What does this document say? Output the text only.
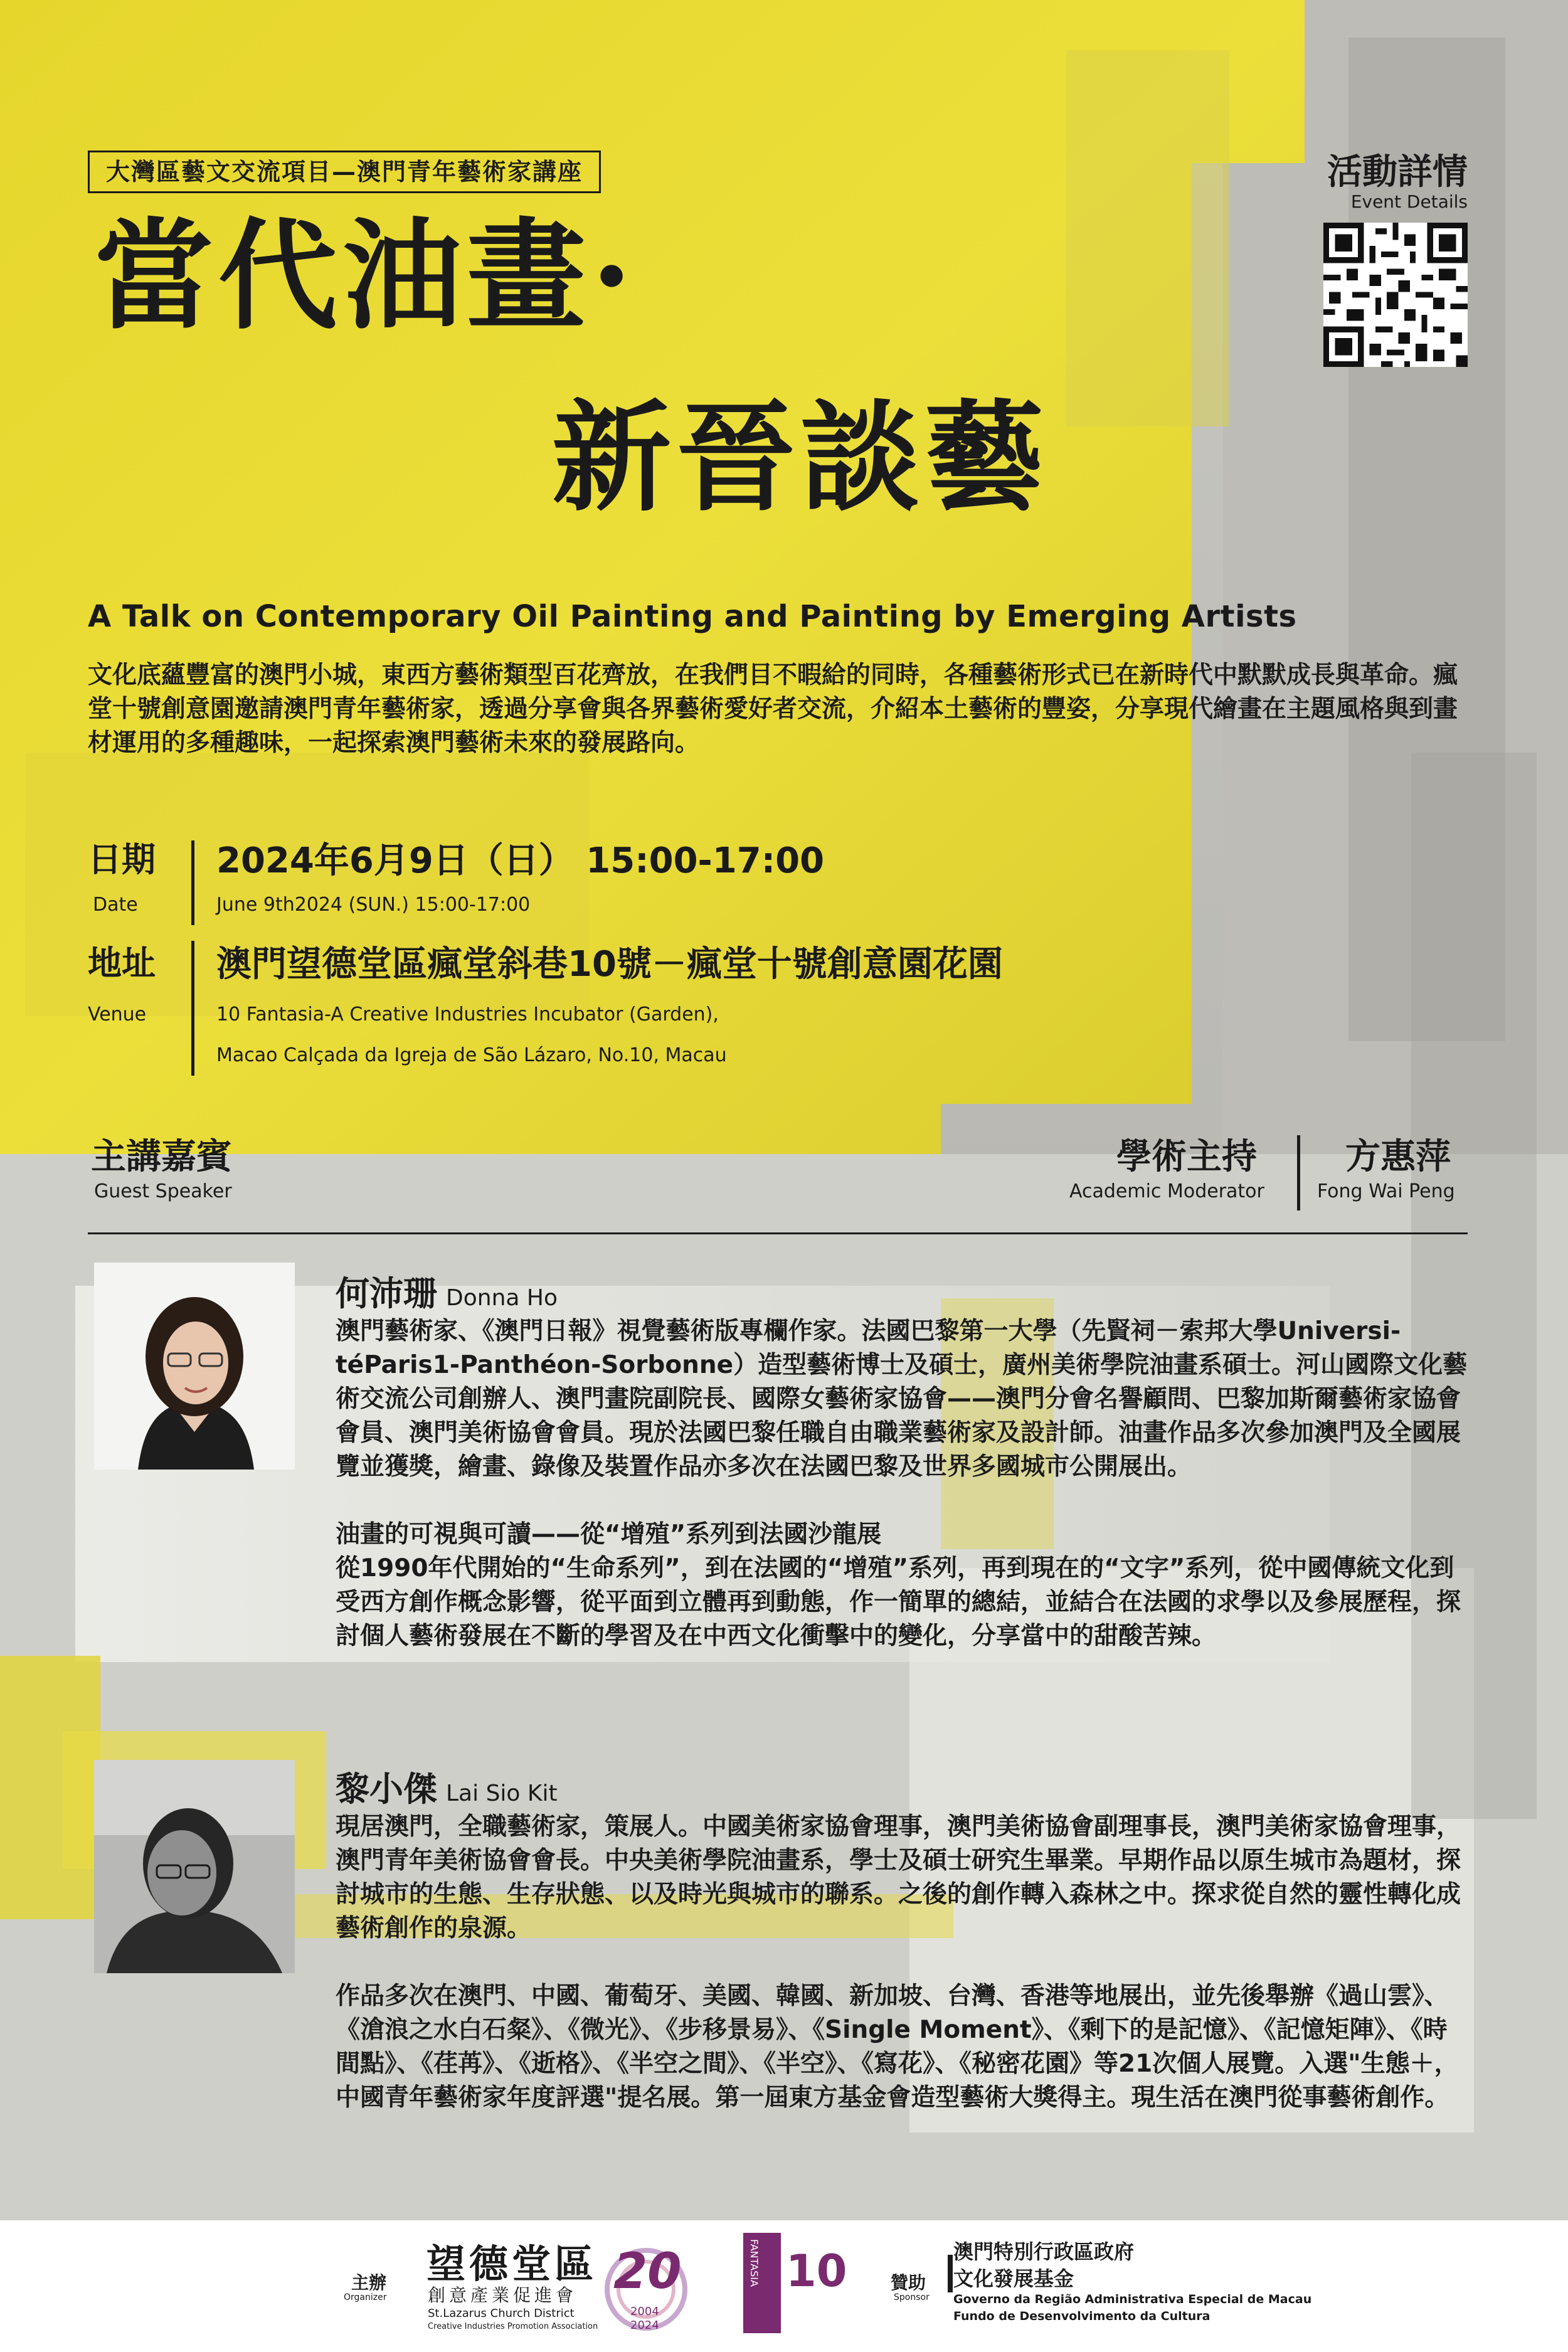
大灣區藝文交流項目—澳門青年藝術家講座
當代油畫·
新晉談藝
A Talk on Contemporary Oil Painting and Painting by Emerging Artists
文化底蘊豐富的澳門小城，東西方藝術類型百花齊放，在我們目不暇給的同時，各種藝術形式已在新時代中默默成長與革命。瘋堂十號創意園邀請澳門青年藝術家，透過分享會與各界藝術愛好者交流，介紹本土藝術的豐姿，分享現代繪畫在主題風格與到畫材運用的多種趣味，一起探索澳門藝術未來的發展路向。
活動詳情
Event Details
日期
Date
2024年6月9日（日） 15:00-17:00
June 9th2024 (SUN.) 15:00-17:00
地址
Venue
澳門望德堂區瘋堂斜巷10號－瘋堂十號創意園花園
10 Fantasia-A Creative Industries Incubator (Garden),
Macao Calçada da Igreja de São Lázaro, No.10, Macau
主講嘉賓
Guest Speaker
學術主持
Academic Moderator
方惠萍
Fong Wai Peng
何沛珊 Donna Ho

澳門藝術家、《澳門日報》視覺藝術版專欄作家。法國巴黎第一大學（先賢祠－索邦大學Universi-téParis1-Panthéon-Sorbonne）造型藝術博士及碩士，廣州美術學院油畫系碩士。河山國際文化藝術交流公司創辦人、澳門畫院副院長、國際女藝術家協會——澳門分會名譽顧問、巴黎加斯爾藝術家協會會員、澳門美術協會會員。現於法國巴黎任職自由職業藝術家及設計師。油畫作品多次參加澳門及全國展覽並獲獎，繪畫、錄像及裝置作品亦多次在法國巴黎及世界多國城市公開展出。

油畫的可視與可讀——從“增殖”系列到法國沙龍展

從1990年代開始的“生命系列”，到在法國的“增殖”系列，再到現在的“文字”系列，從中國傳統文化到受西方創作概念影響，從平面到立體再到動態，作一簡單的總結，並結合在法國的求學以及參展歷程，探討個人藝術發展在不斷的學習及在中西文化衝擊中的變化，分享當中的甜酸苦辣。

黎小傑 Lai Sio Kit

現居澳門，全職藝術家，策展人。中國美術家協會理事，澳門美術協會副理事長，澳門美術家協會理事，澳門青年美術協會會長。中央美術學院油畫系，學士及碩士研究生畢業。早期作品以原生城市為題材，探討城市的生態、生存狀態、以及時光與城市的聯系。之後的創作轉入森林之中。探求從自然的靈性轉化成藝術創作的泉源。

作品多次在澳門、中國、葡萄牙、美國、韓國、新加坡、台灣、香港等地展出，並先後舉辦《過山雲》、《滄浪之水白石粲》、《微光》、《步移景易》、《Single Moment》、《剩下的是記憶》、《記憶矩陣》、《時間點》、《荏苒》、《逝格》、《半空之間》、《半空》、《寫花》、《秘密花園》等21次個人展覽。入選"生態＋，中國青年藝術家年度評選"提名展。第一屆東方基金會造型藝術大獎得主。現生活在澳門從事藝術創作。

主辦
Organizer
望德堂區
創意產業促進會
St.Lazarus Church District
Creative Industries Promotion Association
20
2004
2024
FANTASIA 10 贊助
Sponsor
澳門特別行政區政府
文化發展基金
Governo da Região Administrativa Especial de Macau
Fundo de Desenvolvimento da Cultura
